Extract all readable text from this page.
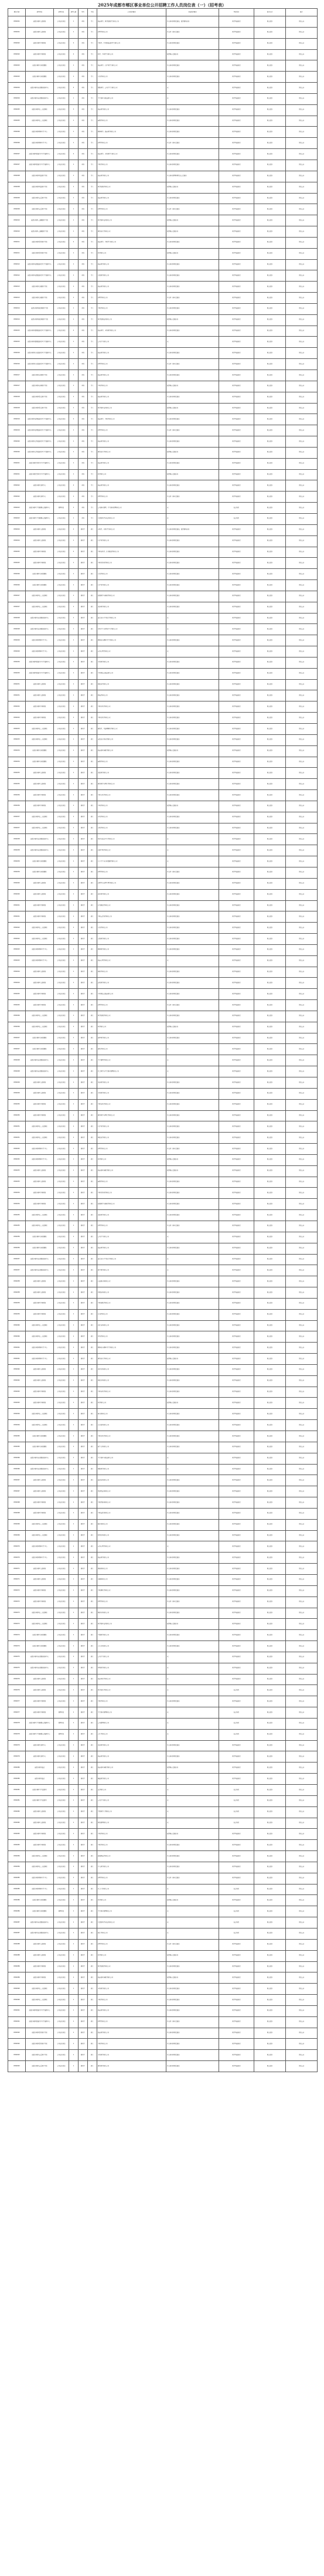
2025年成都市郫区事业单位公开招聘工作人员岗位表（一）（招考表）
职位代码	招考单位	招考岗位	招考人数	学历	学位	专业条件要求	其他条件要求	考试科目	报名方式	备注
0560001	成都市郫区人民医院	专业技术岗位	1	本科	学士	临床医学、医学影像学等相关专业	具有执业医师资格证，取得规培证书	医学基础知识	网上报名	详见公告
0560001	成都市郫区人民医院	专业技术岗位	1	本科	学士	护理学相关专业	具有护士执业资格证	医学基础知识	网上报名	详见公告
0560002	成都市郫区中医医院	专业技术岗位	2	本科	学士	中医学、中西医临床医学等相关专业	具有执业医师资格证	医学基础知识	网上报名	详见公告
0560002	成都市郫区中医医院	专业技术岗位	2	本科	学士	药学、中药学等相关专业	取得相应资格证书	医学基础知识	网上报名	详见公告
0560003	成都市郫区妇幼保健院	专业技术岗位	1	本科	学士	临床医学、妇产科学等相关专业	具有执业医师资格证	医学基础知识	网上报名	详见公告
0560003	成都市郫区妇幼保健院	专业技术岗位	1	本科	学士	儿科学相关专业	具有执业医师资格证	医学基础知识	网上报名	详见公告
0560004	成都市郫区疾病预防控制中心	专业技术岗位	2	本科	学士	预防医学、公共卫生等相关专业	无	医学基础知识	网上报名	详见公告
0560004	成都市郫区疾病预防控制中心	专业技术岗位	1	本科	学士	卫生检验与检疫相关专业	无	医学基础知识	网上报名	详见公告
0560005	成都市郫区第二人民医院	专业技术岗位	3	本科	学士	临床医学相关专业	具有执业医师资格证	医学基础知识	网上报名	详见公告
0560005	成都市郫区第二人民医院	专业技术岗位	1	本科	学士	麻醉学相关专业	具有执业医师资格证	医学基础知识	网上报名	详见公告
0560006	成都市郫区精神卫生中心	专业技术岗位	1	本科	学士	精神医学、临床医学相关专业	具有执业医师资格证	医学基础知识	网上报名	详见公告
0560006	成都市郫区精神卫生中心	专业技术岗位	1	本科	学士	护理学相关专业	具有护士执业资格证	医学基础知识	网上报名	详见公告
0560007	成都市郫区犀浦社区卫生服务中心	专业技术岗位	2	本科	学士	临床医学、全科医学等相关专业	具有执业医师资格证	医学基础知识	网上报名	详见公告
0560007	成都市郫区犀浦社区卫生服务中心	专业技术岗位	1	本科	学士	中医学相关专业	具有执业医师资格证	医学基础知识	网上报名	详见公告
0560008	成都市郫区团结镇卫生院	专业技术岗位	1	本科	学士	临床医学相关专业	具有执业助理医师及以上资格证	医学基础知识	网上报名	详见公告
0560008	成都市郫区团结镇卫生院	专业技术岗位	1	本科	学士	医学影像学相关专业	取得相应资格证书	医学基础知识	网上报名	详见公告
0560009	成都市郫区友爱镇卫生院	专业技术岗位	1	本科	学士	临床医学相关专业	具有执业医师资格证	医学基础知识	网上报名	详见公告
0560009	成都市郫区友爱镇卫生院	专业技术岗位	1	本科	学士	护理学相关专业	具有护士执业资格证	医学基础知识	网上报名	详见公告
0560010	成都市郫区三道堰镇卫生院	专业技术岗位	1	本科	学士	医学检验技术相关专业	取得相应资格证书	医学基础知识	网上报名	详见公告
0560010	成都市郫区三道堰镇卫生院	专业技术岗位	1	本科	学士	康复治疗学相关专业	取得相应资格证书	医学基础知识	网上报名	详见公告
0560011	成都市郫区唐昌镇卫生院	专业技术岗位	2	本科	学士	临床医学、中医学等相关专业	具有执业医师资格证	医学基础知识	网上报名	详见公告
0560011	成都市郫区唐昌镇卫生院	专业技术岗位	1	本科	学士	药学相关专业	取得相应资格证书	医学基础知识	网上报名	详见公告
0560012	成都市郫区安德街道社区卫生服务中心	专业技术岗位	1	本科	学士	临床医学相关专业	具有执业医师资格证	医学基础知识	网上报名	详见公告
0560012	成都市郫区安德街道社区卫生服务中心	专业技术岗位	1	本科	学士	口腔医学相关专业	具有执业医师资格证	医学基础知识	网上报名	详见公告
0560013	成都市郫区古城镇卫生院	专业技术岗位	1	本科	学士	临床医学相关专业	具有执业医师资格证	医学基础知识	网上报名	详见公告
0560013	成都市郫区古城镇卫生院	专业技术岗位	1	本科	学士	护理学相关专业	具有护士执业资格证	医学基础知识	网上报名	详见公告
0560014	成都市郫区新民场镇卫生院	专业技术岗位	1	本科	学士	中医学相关专业	具有执业医师资格证	医学基础知识	网上报名	详见公告
0560014	成都市郫区新民场镇卫生院	专业技术岗位	1	本科	学士	医学影像技术相关专业	取得相应资格证书	医学基础知识	网上报名	详见公告
0560015	成都市郫区德源街道社区卫生服务中心	专业技术岗位	2	本科	学士	临床医学、全科医学相关专业	具有执业医师资格证	医学基础知识	网上报名	详见公告
0560015	成都市郫区德源街道社区卫生服务中心	专业技术岗位	1	本科	学士	公共卫生相关专业	无	医学基础知识	网上报名	详见公告
0560016	成都市郫区红光街道社区卫生服务中心	专业技术岗位	1	本科	学士	临床医学相关专业	具有执业医师资格证	医学基础知识	网上报名	详见公告
0560016	成都市郫区红光街道社区卫生服务中心	专业技术岗位	1	本科	学士	护理学相关专业	具有护士执业资格证	医学基础知识	网上报名	详见公告
0560017	成都市郫区花园镇卫生院	专业技术岗位	1	本科	学士	临床医学相关专业	具有执业医师资格证	医学基础知识	网上报名	详见公告
0560017	成都市郫区花园镇卫生院	专业技术岗位	1	本科	学士	中药学相关专业	取得相应资格证书	医学基础知识	网上报名	详见公告
0560018	成都市郫区唐元镇卫生院	专业技术岗位	1	本科	学士	临床医学相关专业	具有执业医师资格证	医学基础知识	网上报名	详见公告
0560018	成都市郫区唐元镇卫生院	专业技术岗位	1	本科	学士	医学检验技术相关专业	取得相应资格证书	医学基础知识	网上报名	详见公告
0560019	成都市郫区安靖街道社区卫生服务中心	专业技术岗位	2	本科	学士	临床医学、中医学相关专业	具有执业医师资格证	医学基础知识	网上报名	详见公告
0560019	成都市郫区安靖街道社区卫生服务中心	专业技术岗位	1	本科	学士	护理学相关专业	具有护士执业资格证	医学基础知识	网上报名	详见公告
0560020	成都市郫区合作街道社区卫生服务中心	专业技术岗位	1	本科	学士	临床医学相关专业	具有执业医师资格证	医学基础知识	网上报名	详见公告
0560020	成都市郫区合作街道社区卫生服务中心	专业技术岗位	1	本科	学士	康复治疗学相关专业	取得相应资格证书	医学基础知识	网上报名	详见公告
0560021	成都市郫区清河社区卫生服务中心	专业技术岗位	1	本科	学士	临床医学相关专业	具有执业医师资格证	医学基础知识	网上报名	详见公告
0560021	成都市郫区清河社区卫生服务中心	专业技术岗位	1	本科	学士	药学相关专业	取得相应资格证书	医学基础知识	网上报名	详见公告
0560022	成都市郫区急救中心	专业技术岗位	2	本科	学士	临床医学相关专业	具有执业医师资格证	医学基础知识	网上报名	详见公告
0560022	成都市郫区急救中心	专业技术岗位	1	本科	学士	护理学相关专业	具有护士执业资格证	医学基础知识	网上报名	详见公告
0560023	成都市郫区卫生健康综合服务中心	管理岗位	1	本科	学士	公共事业管理、卫生事业管理相关专业	无	综合知识	网上报名	详见公告
0560023	成都市郫区卫生健康综合服务中心	专业技术岗位	1	本科	学士	计算机科学与技术相关专业	无	综合知识	网上报名	详见公告
0560024	成都市郫区人民医院	专业技术岗位	2	研究生	硕士	内科学、外科学等相关专业	具有执业医师资格证，取得规培证书	医学基础知识	网上报名	详见公告
0560024	成都市郫区人民医院	专业技术岗位	1	研究生	硕士	妇产科学相关专业	具有执业医师资格证	医学基础知识	网上报名	详见公告
0560025	成都市郫区中医医院	专业技术岗位	2	研究生	硕士	中医内科学、针灸推拿学相关专业	具有执业医师资格证	医学基础知识	网上报名	详见公告
0560025	成都市郫区中医医院	专业技术岗位	1	研究生	硕士	中医骨伤科学相关专业	具有执业医师资格证	医学基础知识	网上报名	详见公告
0560026	成都市郫区妇幼保健院	专业技术岗位	1	研究生	硕士	儿科学相关专业	具有执业医师资格证	医学基础知识	网上报名	详见公告
0560026	成都市郫区妇幼保健院	专业技术岗位	1	研究生	硕士	妇产科学相关专业	具有执业医师资格证	医学基础知识	网上报名	详见公告
0560027	成都市郫区第二人民医院	专业技术岗位	1	研究生	硕士	影像医学与核医学相关专业	具有执业医师资格证	医学基础知识	网上报名	详见公告
0560027	成都市郫区第二人民医院	专业技术岗位	1	研究生	硕士	急诊医学相关专业	具有执业医师资格证	医学基础知识	网上报名	详见公告
0560028	成都市郫区疾病预防控制中心	专业技术岗位	1	研究生	硕士	流行病与卫生统计学相关专业	无	医学基础知识	网上报名	详见公告
0560028	成都市郫区疾病预防控制中心	专业技术岗位	1	研究生	硕士	劳动卫生与环境卫生学相关专业	无	医学基础知识	网上报名	详见公告
0560029	成都市郫区精神卫生中心	专业技术岗位	1	研究生	硕士	精神病与精神卫生学相关专业	具有执业医师资格证	医学基础知识	网上报名	详见公告
0560029	成都市郫区精神卫生中心	专业技术岗位	1	研究生	硕士	应用心理学相关专业	无	医学基础知识	网上报名	详见公告
0560030	成都市郫区犀浦社区卫生服务中心	专业技术岗位	1	研究生	硕士	全科医学相关专业	具有执业医师资格证	医学基础知识	网上报名	详见公告
0560030	成都市郫区犀浦社区卫生服务中心	专业技术岗位	1	研究生	硕士	中西医结合临床相关专业	具有执业医师资格证	医学基础知识	网上报名	详见公告
0560031	成都市郫区人民医院	专业技术岗位	1	研究生	硕士	神经病学相关专业	具有执业医师资格证	医学基础知识	网上报名	详见公告
0560031	成都市郫区人民医院	专业技术岗位	1	研究生	硕士	肿瘤学相关专业	具有执业医师资格证	医学基础知识	网上报名	详见公告
0560032	成都市郫区中医医院	专业技术岗位	1	研究生	硕士	中医外科学相关专业	具有执业医师资格证	医学基础知识	网上报名	详见公告
0560032	成都市郫区中医医院	专业技术岗位	1	研究生	硕士	中医妇科学相关专业	具有执业医师资格证	医学基础知识	网上报名	详见公告
0560033	成都市郫区第二人民医院	专业技术岗位	1	研究生	硕士	眼科学、耳鼻咽喉科学相关专业	具有执业医师资格证	医学基础知识	网上报名	详见公告
0560033	成都市郫区第二人民医院	专业技术岗位	1	研究生	硕士	皮肤病与性病学相关专业	具有执业医师资格证	医学基础知识	网上报名	详见公告
0560034	成都市郫区妇幼保健院	专业技术岗位	1	研究生	硕士	临床检验诊断学相关专业	取得相应资格证书	医学基础知识	网上报名	详见公告
0560034	成都市郫区妇幼保健院	专业技术岗位	1	研究生	硕士	麻醉学相关专业	具有执业医师资格证	医学基础知识	网上报名	详见公告
0560035	成都市郫区人民医院	专业技术岗位	1	研究生	硕士	重症医学相关专业	具有执业医师资格证	医学基础知识	网上报名	详见公告
0560035	成都市郫区人民医院	专业技术岗位	1	研究生	硕士	康复医学与理疗学相关专业	具有执业医师资格证	医学基础知识	网上报名	详见公告
0560036	成都市郫区中医医院	专业技术岗位	1	研究生	硕士	中医儿科学相关专业	具有执业医师资格证	医学基础知识	网上报名	详见公告
0560036	成都市郫区中医医院	专业技术岗位	1	研究生	硕士	中药学相关专业	取得相应资格证书	医学基础知识	网上报名	详见公告
0560037	成都市郫区第二人民医院	专业技术岗位	1	研究生	硕士	外科学相关专业	具有执业医师资格证	医学基础知识	网上报名	详见公告
0560037	成都市郫区第二人民医院	专业技术岗位	1	研究生	硕士	内科学相关专业	具有执业医师资格证	医学基础知识	网上报名	详见公告
0560038	成都市郫区疾病预防控制中心	专业技术岗位	1	研究生	硕士	营养与食品卫生学相关专业	无	医学基础知识	网上报名	详见公告
0560038	成都市郫区疾病预防控制中心	专业技术岗位	1	研究生	硕士	病原生物学相关专业	无	医学基础知识	网上报名	详见公告
0560039	成都市郫区妇幼保健院	专业技术岗位	1	研究生	硕士	儿少卫生与妇幼保健学相关专业	无	医学基础知识	网上报名	详见公告
0560039	成都市郫区妇幼保健院	专业技术岗位	1	研究生	硕士	护理学相关专业	具有护士执业资格证	医学基础知识	网上报名	详见公告
0560040	成都市郫区人民医院	专业技术岗位	1	研究生	硕士	病理学与病理生理学相关专业	具有执业医师资格证	医学基础知识	网上报名	详见公告
0560040	成都市郫区人民医院	专业技术岗位	1	研究生	硕士	老年医学相关专业	具有执业医师资格证	医学基础知识	网上报名	详见公告
0560041	成都市郫区中医医院	专业技术岗位	1	研究生	硕士	针灸推拿学相关专业	具有执业医师资格证	医学基础知识	网上报名	详见公告
0560041	成都市郫区中医医院	专业技术岗位	1	研究生	硕士	中医五官科学相关专业	具有执业医师资格证	医学基础知识	网上报名	详见公告
0560042	成都市郫区第二人民医院	专业技术岗位	1	研究生	硕士	儿科学相关专业	具有执业医师资格证	医学基础知识	网上报名	详见公告
0560042	成都市郫区第二人民医院	专业技术岗位	1	研究生	硕士	口腔医学相关专业	具有执业医师资格证	医学基础知识	网上报名	详见公告
0560043	成都市郫区精神卫生中心	专业技术岗位	1	研究生	硕士	精神医学相关专业	具有执业医师资格证	医学基础知识	网上报名	详见公告
0560043	成都市郫区精神卫生中心	专业技术岗位	1	研究生	硕士	临床心理学相关专业	无	医学基础知识	网上报名	详见公告
0560044	成都市郫区人民医院	专业技术岗位	1	研究生	硕士	核医学相关专业	具有执业医师资格证	医学基础知识	网上报名	详见公告
0560044	成都市郫区人民医院	专业技术岗位	1	研究生	硕士	运动医学相关专业	具有执业医师资格证	医学基础知识	网上报名	详见公告
0560045	成都市郫区中医医院	专业技术岗位	1	研究生	硕士	中西医结合临床相关专业	具有执业医师资格证	医学基础知识	网上报名	详见公告
0560045	成都市郫区中医医院	专业技术岗位	1	研究生	硕士	护理学相关专业	具有护士执业资格证	医学基础知识	网上报名	详见公告
0560046	成都市郫区第二人民医院	专业技术岗位	1	研究生	硕士	医学影像学相关专业	具有执业医师资格证	医学基础知识	网上报名	详见公告
0560046	成都市郫区第二人民医院	专业技术岗位	1	研究生	硕士	药学相关专业	取得相应资格证书	医学基础知识	网上报名	详见公告
0560047	成都市郫区妇幼保健院	专业技术岗位	1	研究生	硕士	超声医学相关专业	具有执业医师资格证	医学基础知识	网上报名	详见公告
0560047	成都市郫区妇幼保健院	专业技术岗位	1	研究生	硕士	遗传学相关专业	无	医学基础知识	网上报名	详见公告
0560048	成都市郫区疾病预防控制中心	专业技术岗位	1	研究生	硕士	卫生毒理学相关专业	无	医学基础知识	网上报名	详见公告
0560048	成都市郫区疾病预防控制中心	专业技术岗位	1	研究生	硕士	社会医学与卫生事业管理相关专业	无	医学基础知识	网上报名	详见公告
0560049	成都市郫区人民医院	专业技术岗位	1	研究生	硕士	急诊医学相关专业	具有执业医师资格证	医学基础知识	网上报名	详见公告
0560049	成都市郫区人民医院	专业技术岗位	1	研究生	硕士	全科医学相关专业	具有执业医师资格证	医学基础知识	网上报名	详见公告
0560050	成都市郫区中医医院	专业技术岗位	1	研究生	硕士	中医内科学相关专业	具有执业医师资格证	医学基础知识	网上报名	详见公告
0560050	成都市郫区中医医院	专业技术岗位	1	研究生	硕士	康复医学与理疗学相关专业	具有执业医师资格证	医学基础知识	网上报名	详见公告
0560051	成都市郫区第二人民医院	专业技术岗位	1	研究生	硕士	妇产科学相关专业	具有执业医师资格证	医学基础知识	网上报名	详见公告
0560051	成都市郫区第二人民医院	专业技术岗位	1	研究生	硕士	神经病学相关专业	具有执业医师资格证	医学基础知识	网上报名	详见公告
0560052	成都市郫区精神卫生中心	专业技术岗位	1	研究生	硕士	护理学相关专业	具有护士执业资格证	医学基础知识	网上报名	详见公告
0560052	成都市郫区精神卫生中心	专业技术岗位	1	研究生	硕士	药学相关专业	取得相应资格证书	医学基础知识	网上报名	详见公告
0560053	成都市郫区人民医院	专业技术岗位	1	研究生	硕士	临床检验诊断学相关专业	取得相应资格证书	医学基础知识	网上报名	详见公告
0560053	成都市郫区人民医院	专业技术岗位	1	研究生	硕士	麻醉学相关专业	具有执业医师资格证	医学基础知识	网上报名	详见公告
0560054	成都市郫区中医医院	专业技术岗位	1	研究生	硕士	中医骨伤科学相关专业	具有执业医师资格证	医学基础知识	网上报名	详见公告
0560054	成都市郫区中医医院	专业技术岗位	1	研究生	硕士	影像医学与核医学相关专业	具有执业医师资格证	医学基础知识	网上报名	详见公告
0560055	成都市郫区第二人民医院	专业技术岗位	1	研究生	硕士	重症医学相关专业	具有执业医师资格证	医学基础知识	网上报名	详见公告
0560055	成都市郫区第二人民医院	专业技术岗位	1	研究生	硕士	护理学相关专业	具有护士执业资格证	医学基础知识	网上报名	详见公告
0560056	成都市郫区妇幼保健院	专业技术岗位	1	研究生	硕士	公共卫生相关专业	无	医学基础知识	网上报名	详见公告
0560056	成都市郫区妇幼保健院	专业技术岗位	1	研究生	硕士	临床医学相关专业	具有执业医师资格证	医学基础知识	网上报名	详见公告
0560057	成都市郫区疾病预防控制中心	专业技术岗位	1	研究生	硕士	流行病与卫生统计学相关专业	无	医学基础知识	网上报名	详见公告
0560057	成都市郫区疾病预防控制中心	专业技术岗位	1	研究生	硕士	微生物学相关专业	无	医学基础知识	网上报名	详见公告
0560058	成都市郫区人民医院	专业技术岗位	1	研究生	硕士	心血管内科相关专业	具有执业医师资格证	医学基础知识	网上报名	详见公告
0560058	成都市郫区人民医院	专业技术岗位	1	研究生	硕士	呼吸内科相关专业	具有执业医师资格证	医学基础知识	网上报名	详见公告
0560059	成都市郫区中医医院	专业技术岗位	1	研究生	硕士	中医诊断学相关专业	具有执业医师资格证	医学基础知识	网上报名	详见公告
0560059	成都市郫区中医医院	专业技术岗位	1	研究生	硕士	方剂学相关专业	具有执业医师资格证	医学基础知识	网上报名	详见公告
0560060	成都市郫区第二人民医院	专业技术岗位	1	研究生	硕士	消化内科相关专业	具有执业医师资格证	医学基础知识	网上报名	详见公告
0560060	成都市郫区第二人民医院	专业技术岗位	1	研究生	硕士	骨科学相关专业	具有执业医师资格证	医学基础知识	网上报名	详见公告
0560061	成都市郫区精神卫生中心	专业技术岗位	1	研究生	硕士	精神病与精神卫生学相关专业	具有执业医师资格证	医学基础知识	网上报名	详见公告
0560061	成都市郫区精神卫生中心	专业技术岗位	1	研究生	硕士	康复治疗学相关专业	取得相应资格证书	医学基础知识	网上报名	详见公告
0560062	成都市郫区人民医院	专业技术岗位	1	研究生	硕士	泌尿外科相关专业	具有执业医师资格证	医学基础知识	网上报名	详见公告
0560062	成都市郫区人民医院	专业技术岗位	1	研究生	硕士	神经外科相关专业	具有执业医师资格证	医学基础知识	网上报名	详见公告
0560063	成都市郫区中医医院	专业技术岗位	1	研究生	硕士	中医内科学相关专业	具有执业医师资格证	医学基础知识	网上报名	详见公告
0560063	成都市郫区中医医院	专业技术岗位	1	研究生	硕士	药学相关专业	取得相应资格证书	医学基础知识	网上报名	详见公告
0560064	成都市郫区第二人民医院	专业技术岗位	1	研究生	硕士	肾内科相关专业	具有执业医师资格证	医学基础知识	网上报名	详见公告
0560064	成都市郫区第二人民医院	专业技术岗位	1	研究生	硕士	内分泌科相关专业	具有执业医师资格证	医学基础知识	网上报名	详见公告
0560065	成都市郫区妇幼保健院	专业技术岗位	1	研究生	硕士	中医妇科学相关专业	具有执业医师资格证	医学基础知识	网上报名	详见公告
0560065	成都市郫区妇幼保健院	专业技术岗位	1	研究生	硕士	新生儿科相关专业	具有执业医师资格证	医学基础知识	网上报名	详见公告
0560066	成都市郫区疾病预防控制中心	专业技术岗位	1	研究生	硕士	卫生检验与检疫相关专业	无	医学基础知识	网上报名	详见公告
0560066	成都市郫区疾病预防控制中心	专业技术岗位	1	研究生	硕士	预防医学相关专业	无	医学基础知识	网上报名	详见公告
0560067	成都市郫区人民医院	专业技术岗位	1	研究生	硕士	血液内科相关专业	具有执业医师资格证	医学基础知识	网上报名	详见公告
0560067	成都市郫区人民医院	专业技术岗位	1	研究生	硕士	风湿免疫科相关专业	具有执业医师资格证	医学基础知识	网上报名	详见公告
0560068	成都市郫区中医医院	专业技术岗位	1	研究生	硕士	中医肛肠科相关专业	具有执业医师资格证	医学基础知识	网上报名	详见公告
0560068	成都市郫区中医医院	专业技术岗位	1	研究生	硕士	中医皮肤科相关专业	具有执业医师资格证	医学基础知识	网上报名	详见公告
0560069	成都市郫区第二人民医院	专业技术岗位	1	研究生	硕士	胸外科相关专业	具有执业医师资格证	医学基础知识	网上报名	详见公告
0560069	成都市郫区第二人民医院	专业技术岗位	1	研究生	硕士	肝胆外科相关专业	具有执业医师资格证	医学基础知识	网上报名	详见公告
0560070	成都市郫区精神卫生中心	专业技术岗位	1	研究生	硕士	应用心理学相关专业	无	医学基础知识	网上报名	详见公告
0560070	成都市郫区精神卫生中心	专业技术岗位	1	研究生	硕士	临床医学相关专业	具有执业医师资格证	医学基础知识	网上报名	详见公告
0560071	成都市郫区人民医院	专业技术岗位	1	研究生	硕士	感染科相关专业	具有执业医师资格证	医学基础知识	网上报名	详见公告
0560071	成都市郫区人民医院	专业技术岗位	1	研究生	硕士	疼痛科相关专业	具有执业医师资格证	医学基础知识	网上报名	详见公告
0560072	成都市郫区中医医院	专业技术岗位	1	研究生	硕士	中医康复学相关专业	具有执业医师资格证	医学基础知识	网上报名	详见公告
0560072	成都市郫区中医医院	专业技术岗位	1	研究生	硕士	护理学相关专业	具有护士执业资格证	医学基础知识	网上报名	详见公告
0560073	成都市郫区第二人民医院	专业技术岗位	1	研究生	硕士	整形外科相关专业	具有执业医师资格证	医学基础知识	网上报名	详见公告
0560073	成都市郫区第二人民医院	专业技术岗位	1	研究生	硕士	医学检验技术相关专业	取得相应资格证书	医学基础知识	网上报名	详见公告
0560074	成都市郫区妇幼保健院	专业技术岗位	1	研究生	硕士	生殖医学相关专业	具有执业医师资格证	医学基础知识	网上报名	详见公告
0560074	成都市郫区妇幼保健院	专业技术岗位	1	研究生	硕士	小儿外科相关专业	具有执业医师资格证	医学基础知识	网上报名	详见公告
0560075	成都市郫区疾病预防控制中心	专业技术岗位	1	研究生	硕士	公共卫生相关专业	无	医学基础知识	网上报名	详见公告
0560075	成都市郫区疾病预防控制中心	专业技术岗位	1	研究生	硕士	环境科学相关专业	无	医学基础知识	网上报名	详见公告
0560076	成都市郫区人民医院	专业技术岗位	1	研究生	硕士	临床营养学相关专业	无	医学基础知识	网上报名	详见公告
0560076	成都市郫区人民医院	专业技术岗位	1	研究生	硕士	医学信息学相关专业	无	综合知识	网上报名	详见公告
0560077	成都市郫区中医医院	专业技术岗位	1	研究生	硕士	中医学相关专业	具有执业医师资格证	医学基础知识	网上报名	详见公告
0560077	成都市郫区中医医院	管理岗位	1	研究生	硕士	卫生事业管理相关专业	无	综合知识	网上报名	详见公告
0560078	成都市郫区卫生健康综合服务中心	管理岗位	1	研究生	硕士	公共管理相关专业	无	综合知识	网上报名	详见公告
0560078	成都市郫区卫生健康综合服务中心	管理岗位	1	研究生	硕士	会计学相关专业	无	综合知识	网上报名	详见公告
0560079	成都市郫区急救中心	专业技术岗位	1	研究生	硕士	急诊医学相关专业	具有执业医师资格证	医学基础知识	网上报名	详见公告
0560079	成都市郫区急救中心	专业技术岗位	1	研究生	硕士	临床医学相关专业	具有执业医师资格证	医学基础知识	网上报名	详见公告
0560080	成都市郫区血站	专业技术岗位	1	研究生	硕士	临床检验诊断学相关专业	取得相应资格证书	医学基础知识	网上报名	详见公告
0560080	成都市郫区血站	专业技术岗位	1	研究生	硕士	输血医学相关专业	无	医学基础知识	网上报名	详见公告
0560081	成都市郫区卫生监督所	专业技术岗位	1	研究生	硕士	法学相关专业	无	综合知识	网上报名	详见公告
0560081	成都市郫区卫生监督所	专业技术岗位	1	研究生	硕士	公共卫生相关专业	无	综合知识	网上报名	详见公告
0560082	成都市郫区人民医院	专业技术岗位	1	研究生	硕士	生物医学工程相关专业	无	综合知识	网上报名	详见公告
0560082	成都市郫区人民医院	专业技术岗位	1	研究生	硕士	医院管理相关专业	无	综合知识	网上报名	详见公告
0560083	成都市郫区中医医院	专业技术岗位	1	研究生	硕士	中药学相关专业	取得相应资格证书	医学基础知识	网上报名	详见公告
0560083	成都市郫区中医医院	专业技术岗位	1	研究生	硕士	中医学相关专业	具有执业医师资格证	医学基础知识	网上报名	详见公告
0560084	成都市郫区第二人民医院	专业技术岗位	1	研究生	硕士	放射肿瘤学相关专业	具有执业医师资格证	医学基础知识	网上报名	详见公告
0560084	成都市郫区第二人民医院	专业技术岗位	1	研究生	硕士	介入医学相关专业	具有执业医师资格证	医学基础知识	网上报名	详见公告
0560085	成都市郫区精神卫生中心	专业技术岗位	1	研究生	硕士	护理学相关专业	具有护士执业资格证	医学基础知识	网上报名	详见公告
0560085	成都市郫区精神卫生中心	专业技术岗位	1	研究生	硕士	社会工作相关专业	无	综合知识	网上报名	详见公告
0560086	成都市郫区妇幼保健院	专业技术岗位	1	研究生	硕士	药学相关专业	取得相应资格证书	医学基础知识	网上报名	详见公告
0560086	成都市郫区妇幼保健院	管理岗位	1	研究生	硕士	卫生事业管理相关专业	无	综合知识	网上报名	详见公告
0560087	成都市郫区疾病预防控制中心	专业技术岗位	1	研究生	硕士	计算机科学与技术相关专业	无	综合知识	网上报名	详见公告
0560087	成都市郫区疾病预防控制中心	专业技术岗位	1	研究生	硕士	统计学相关专业	无	综合知识	网上报名	详见公告
0560088	成都市郫区人民医院	专业技术岗位	1	研究生	硕士	护理学相关专业	具有护士执业资格证	医学基础知识	网上报名	详见公告
0560088	成都市郫区人民医院	专业技术岗位	1	研究生	硕士	药学相关专业	取得相应资格证书	医学基础知识	网上报名	详见公告
0560089	成都市郫区中医医院	专业技术岗位	1	研究生	硕士	医学影像学相关专业	具有执业医师资格证	医学基础知识	网上报名	详见公告
0560089	成都市郫区中医医院	专业技术岗位	1	研究生	硕士	临床检验诊断学相关专业	取得相应资格证书	医学基础知识	网上报名	详见公告
0560090	成都市郫区第二人民医院	专业技术岗位	1	研究生	硕士	全科医学相关专业	具有执业医师资格证	医学基础知识	网上报名	详见公告
0560090	成都市郫区第二人民医院	专业技术岗位	1	研究生	硕士	中医学相关专业	具有执业医师资格证	医学基础知识	网上报名	详见公告
0560091	成都市郫区犀浦社区卫生服务中心	专业技术岗位	1	研究生	硕士	临床医学相关专业	具有执业医师资格证	医学基础知识	网上报名	详见公告
0560091	成都市郫区犀浦社区卫生服务中心	专业技术岗位	1	研究生	硕士	护理学相关专业	具有护士执业资格证	医学基础知识	网上报名	详见公告
0560092	成都市郫区唐昌镇卫生院	专业技术岗位	1	研究生	硕士	临床医学相关专业	具有执业医师资格证	医学基础知识	网上报名	详见公告
0560092	成都市郫区唐昌镇卫生院	专业技术岗位	1	研究生	硕士	中医学相关专业	具有执业医师资格证	医学基础知识	网上报名	详见公告
0560093	成都市郫区友爱镇卫生院	专业技术岗位	1	研究生	硕士	全科医学相关专业	具有执业医师资格证	医学基础知识	网上报名	详见公告
0560093	成都市郫区友爱镇卫生院	专业技术岗位	1	研究生	硕士	康复医学相关专业	具有执业医师资格证	医学基础知识	网上报名	详见公告
